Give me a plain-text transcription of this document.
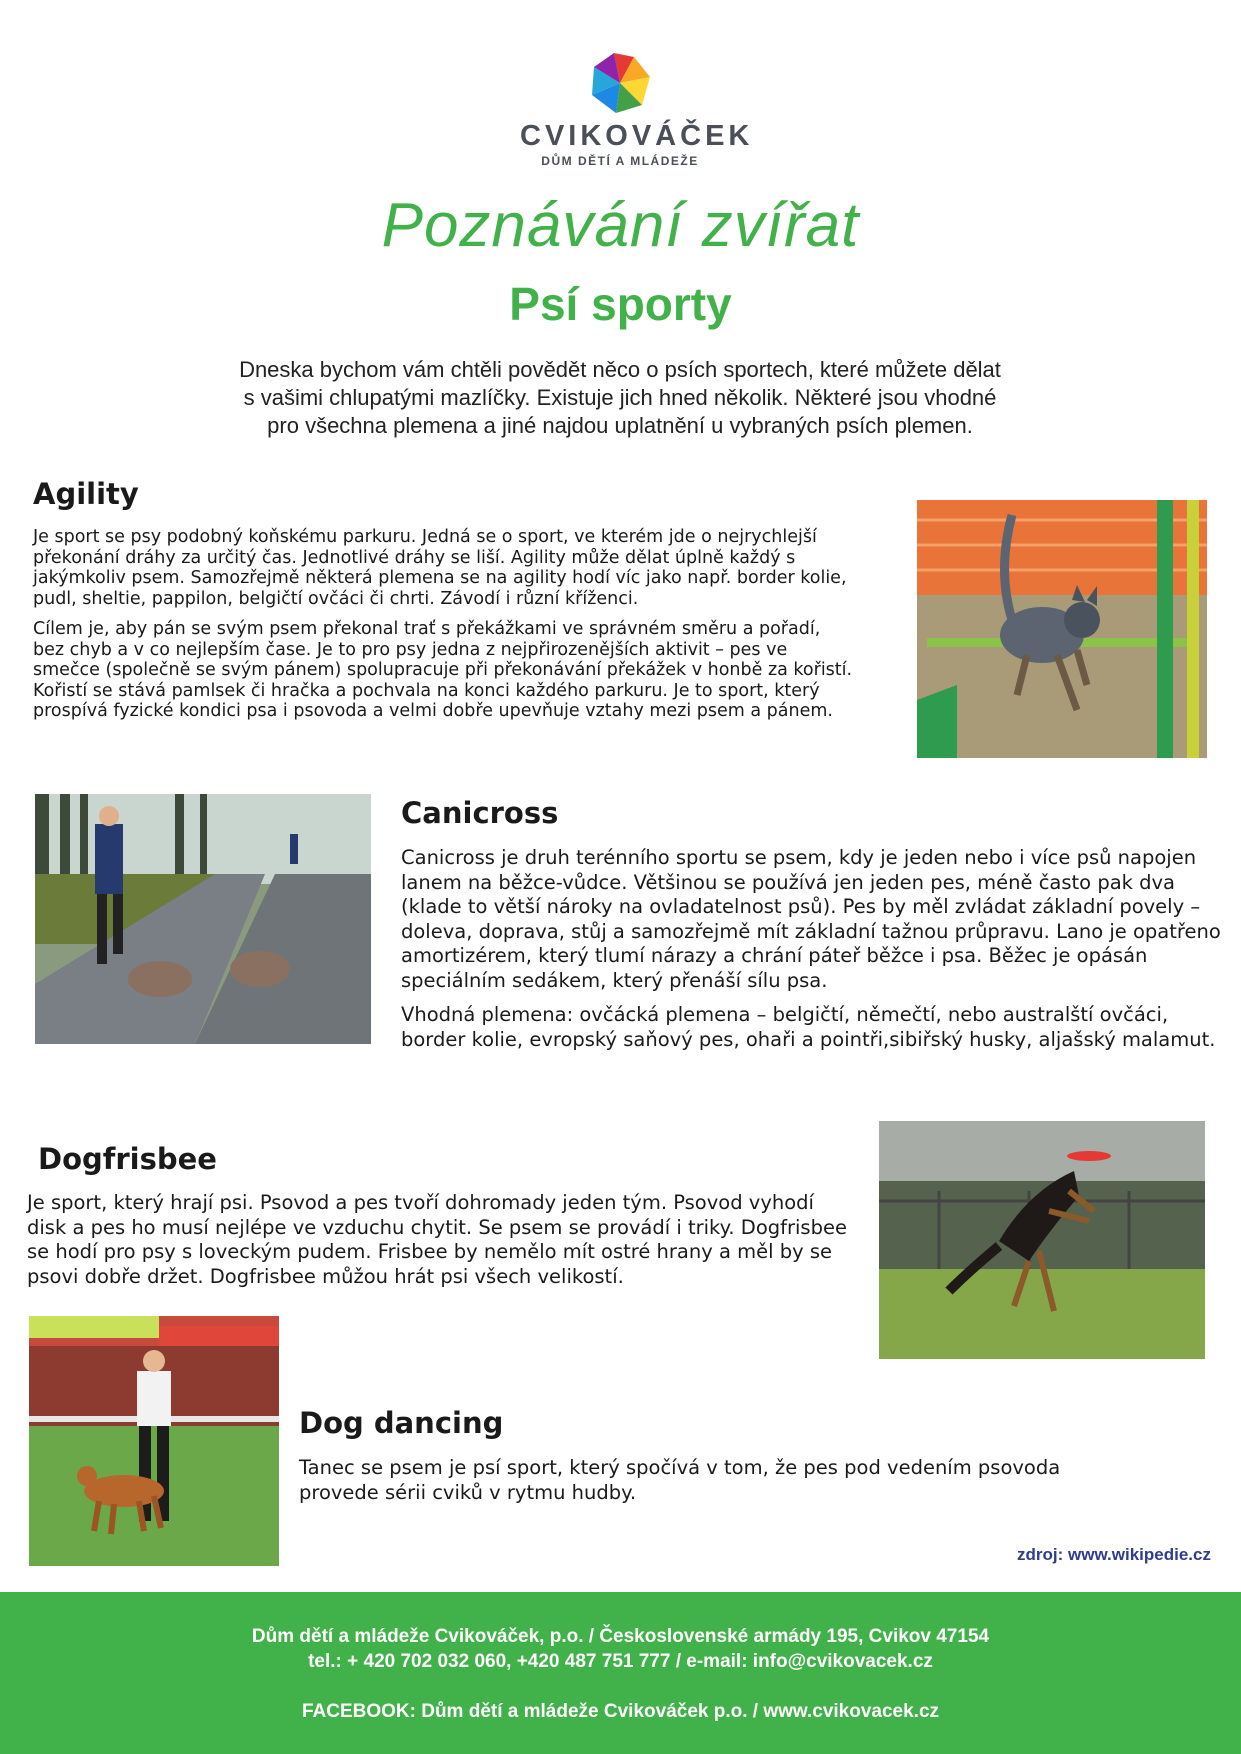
CVIKOVÁČEK
DŮM DĚTÍ A MLÁDEŽE
Poznávání zvířat
Psí sporty

Dneska bychom vám chtěli povědět něco o psích sportech, které můžete dělat

s vašimi chlupatými mazlíčky. Existuje jich hned několik. Některé jsou vhodné

pro všechna plemena a jiné najdou uplatnění u vybraných psích plemen.

Agility

Je sport se psy podobný koňskému parkuru. Jedná se o sport, ve kterém jde o nejrychlejší překonání dráhy za určitý čas. Jednotlivé dráhy se liší. Agility může dělat úplně každý s jakýmkoliv psem. Samozřejmě některá plemena se na agility hodí víc jako např. border kolie, pudl, sheltie, pappilon, belgičtí ovčáci či chrti. Závodí i různí kříženci.

Cílem je, aby pán se svým psem překonal trať s překážkami ve správném směru a pořadí, bez chyb a v co nejlepším čase. Je to pro psy jedna z nejpřirozenějších aktivit – pes ve smečce (společně se svým pánem) spolupracuje při překonávání překážek v honbě za kořistí. Kořistí se stává pamlsek či hračka a pochvala na konci každého parkuru. Je to sport, který prospívá fyzické kondici psa i psovoda a velmi dobře upevňuje vztahy mezi psem a pánem.

Canicross

Canicross je druh terénního sportu se psem, kdy je jeden nebo i více psů napojen lanem na běžce-vůdce. Většinou se používá jen jeden pes, méně často pak dva (klade to větší nároky na ovladatelnost psů). Pes by měl zvládat základní povely – doleva, doprava, stůj a samozřejmě mít základní tažnou průpravu. Lano je opatřeno amortizérem, který tlumí nárazy a chrání páteř běžce i psa. Běžec je opásán speciálním sedákem, který přenáší sílu psa.

Vhodná plemena: ovčácká plemena – belgičtí, němečtí, nebo australští ovčáci, border kolie, evropský saňový pes, ohaři a pointři,sibiřský husky, aljašský malamut.

Dogfrisbee

Je sport, který hrají psi. Psovod a pes tvoří dohromady jeden tým. Psovod vyhodí disk a pes ho musí nejlépe ve vzduchu chytit. Se psem se provádí i triky. Dogfrisbee se hodí pro psy s loveckým pudem. Frisbee by nemělo mít ostré hrany a měl by se psovi dobře držet. Dogfrisbee můžou hrát psi všech velikostí.

Dog dancing

Tanec se psem je psí sport, který spočívá v tom, že pes pod vedením psovoda provede sérii cviků v rytmu hudby.

zdroj: www.wikipedie.cz
Dům dětí a mládeže Cvikováček, p.o. / Československé armády 195, Cvikov 47154
tel.: + 420 702 032 060, +420 487 751 777 / e-mail: info@cvikovacek.cz
FACEBOOK: Dům dětí a mládeže Cvikováček p.o. / www.cvikovacek.cz
